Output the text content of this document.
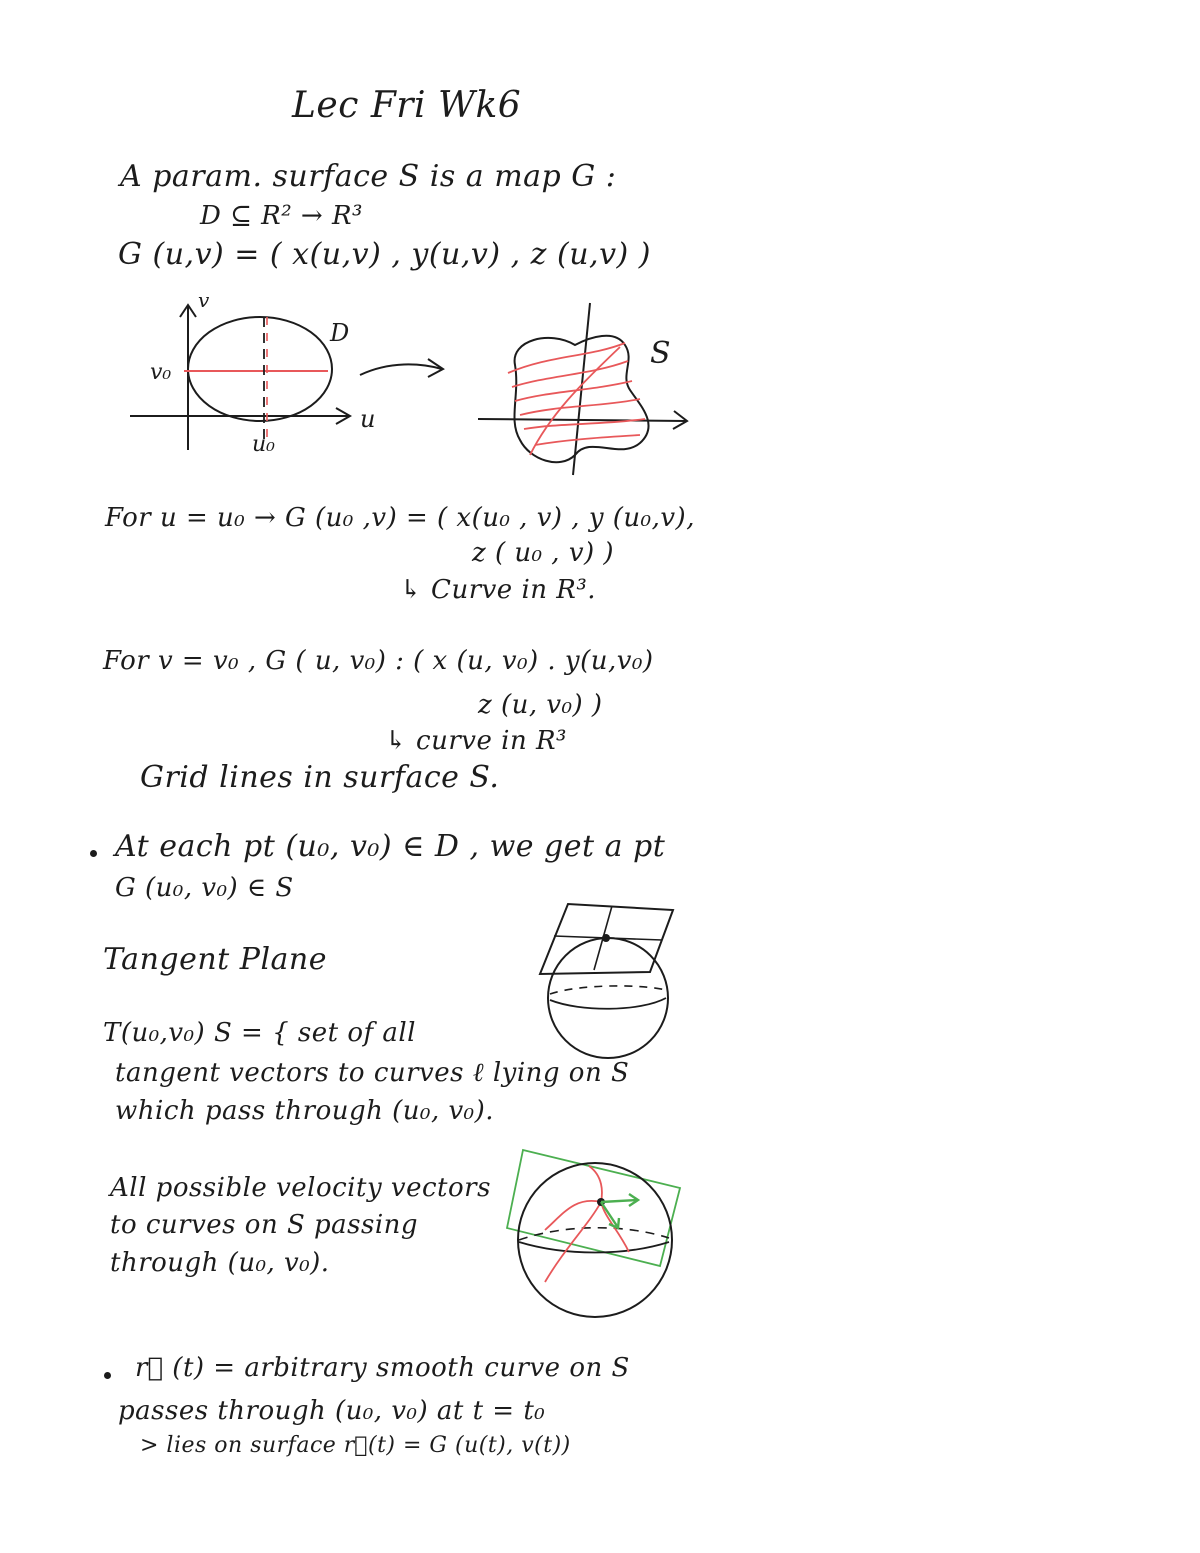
Lec Fri Wk6
A param. surface S is a map G :
D ⊆ R² → R³
G (u,v) = ( x(u,v) , y(u,v) , z (u,v) )
v
v₀
u₀
u
D
S
For u = u₀ → G (u₀ ,v) = ( x(u₀ , v) , y (u₀,v),
z ( u₀ , v) )
↳ Curve in R³.
For v = v₀ , G ( u, v₀) : ( x (u, v₀) . y(u,v₀)
z (u, v₀) )
↳ curve in R³
Grid lines in surface S.
At each pt (u₀, v₀) ∈ D , we get a pt
G (u₀, v₀) ∈ S
Tangent Plane
T(u₀,v₀) S = { set of all
tangent vectors to curves ℓ lying on S
which pass through (u₀, v₀).
All possible velocity vectors
to curves on S passing
through (u₀, v₀).
r⃗ (t) = arbitrary smooth curve on S
passes through (u₀, v₀) at t = t₀
> lies on surface r⃗(t) = G (u(t), v(t))
